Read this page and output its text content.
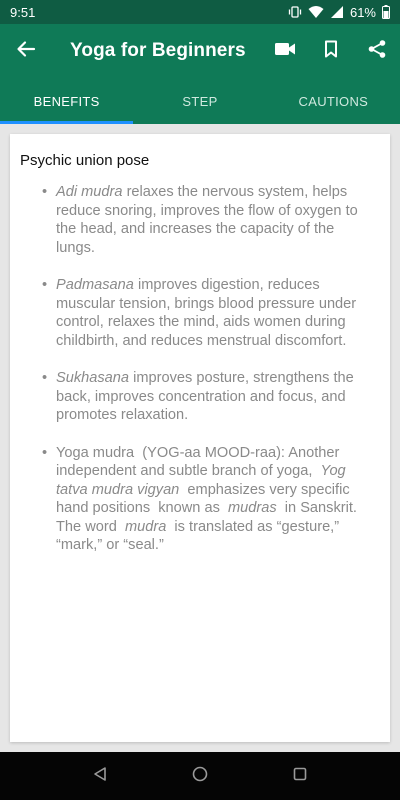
9:51	61%
Yoga for Beginners
BENEFITS	STEP	CAUTIONS
Psychic union pose
• Adi mudra relaxes the nervous system, helps reduce snoring, improves the flow of oxygen to the head, and increases the capacity of the lungs.
• Padmasana improves digestion, reduces muscular tension, brings blood pressure under control, relaxes the mind, aids women during childbirth, and reduces menstrual discomfort.
• Sukhasana improves posture, strengthens the back, improves concentration and focus, and promotes relaxation.
• Yoga mudra  (YOG-aa MOOD-raa): Another independent and subtle branch of yoga,  Yog tatva mudra vigyan  emphasizes very specific hand positions  known as  mudras  in Sanskrit. The word  mudra  is translated as “gesture,” “mark,” or “seal.”
